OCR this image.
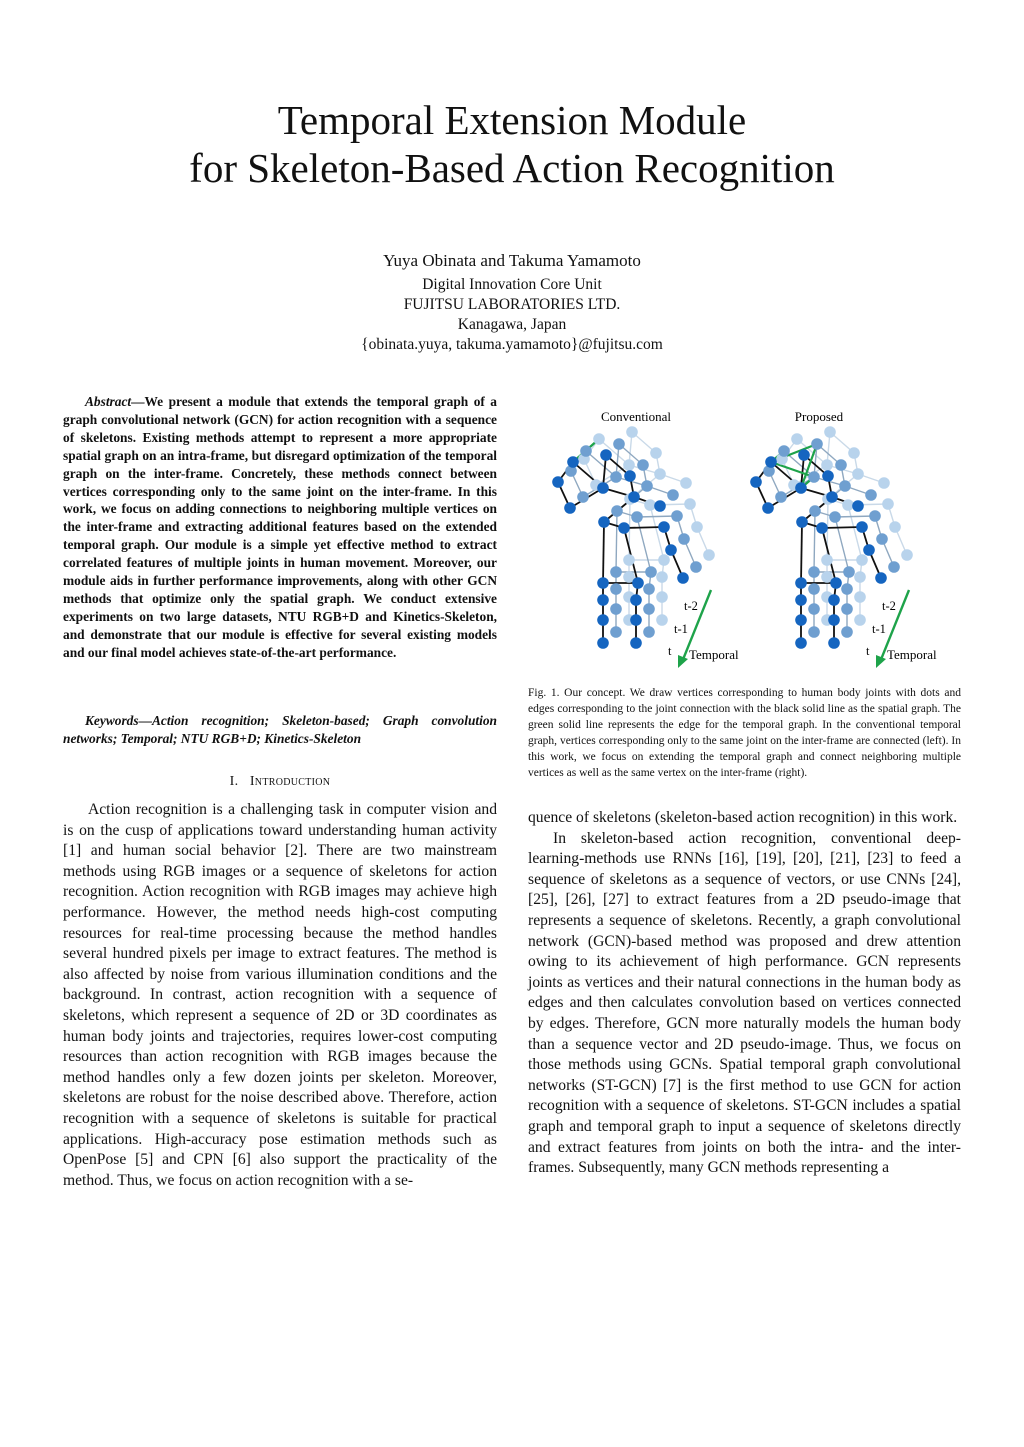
Temporal Extension Module
for Skeleton-Based Action Recognition
Yuya Obinata and Takuma Yamamoto
Digital Innovation Core Unit
FUJITSU LABORATORIES LTD.
Kanagawa, Japan
{obinata.yuya, takuma.yamamoto}@fujitsu.com
Abstract—We present a module that extends the temporal graph of a graph convolutional network (GCN) for action recognition with a sequence of skeletons. Existing methods attempt to represent a more appropriate spatial graph on an intra-frame, but disregard optimization of the temporal graph on the inter-frame. Concretely, these methods connect between vertices corresponding only to the same joint on the inter-frame. In this work, we focus on adding connections to neighboring multiple vertices on the inter-frame and extracting additional features based on the extended temporal graph. Our module is a simple yet effective method to extract correlated features of multiple joints in human movement. Moreover, our module aids in further performance improvements, along with other GCN methods that optimize only the spatial graph. We conduct extensive experiments on two large datasets, NTU RGB+D and Kinetics-Skeleton, and demonstrate that our module is effective for several existing models and our final model achieves state-of-the-art performance.
Keywords—Action recognition; Skeleton-based; Graph convolution networks; Temporal; NTU RGB+D; Kinetics-Skeleton
I. Introduction

Action recognition is a challenging task in computer vision and is on the cusp of applications toward understanding human activity [1] and human social behavior [2]. There are two mainstream methods using RGB images or a sequence of skeletons for action recognition. Action recognition with RGB images may achieve high performance. However, the method needs high-cost computing resources for real-time processing because the method handles several hundred pixels per image to extract features. The method is also affected by noise from various illumination conditions and the background. In contrast, action recognition with a sequence of skeletons, which represent a sequence of 2D or 3D coordinates as human body joints and trajectories, requires lower-cost computing resources than action recognition with RGB images because the method handles only a few dozen joints per skeleton. Moreover, skeletons are robust for the noise described above. Therefore, action recognition with a sequence of skeletons is suitable for practical applications. High-accuracy pose estimation methods such as OpenPose [5] and CPN [6] also support the practicality of the method. Thus, we focus on action recognition with a se-

Conventional	Proposed
t-2
t-1
t Temporal
t-2
t-1
t Temporal
Fig. 1. Our concept. We draw vertices corresponding to human body joints with dots and edges corresponding to the joint connection with the black solid line as the spatial graph. The green solid line represents the edge for the temporal graph. In the conventional temporal graph, vertices corresponding only to the same joint on the inter-frame are connected (left). In this work, we focus on extending the temporal graph and connect neighboring multiple vertices as well as the same vertex on the inter-frame (right).

quence of skeletons (skeleton-based action recognition) in this work.

In skeleton-based action recognition, conventional deep-learning-methods use RNNs [16], [19], [20], [21], [23] to feed a sequence of skeletons as a sequence of vectors, or use CNNs [24], [25], [26], [27] to extract features from a 2D pseudo-image that represents a sequence of skeletons. Recently, a graph convolutional network (GCN)-based method was proposed and drew attention owing to its achievement of high performance. GCN represents joints as vertices and their natural connections in the human body as edges and then calculates convolution based on vertices connected by edges. Therefore, GCN more naturally models the human body than a sequence vector and 2D pseudo-image. Thus, we focus on those methods using GCNs. Spatial temporal graph convolutional networks (ST-GCN) [7] is the first method to use GCN for action recognition with a sequence of skeletons. ST-GCN includes a spatial graph and temporal graph to input a sequence of skeletons directly and extract features from joints on both the intra- and the inter-frames. Subsequently, many GCN methods representing a
